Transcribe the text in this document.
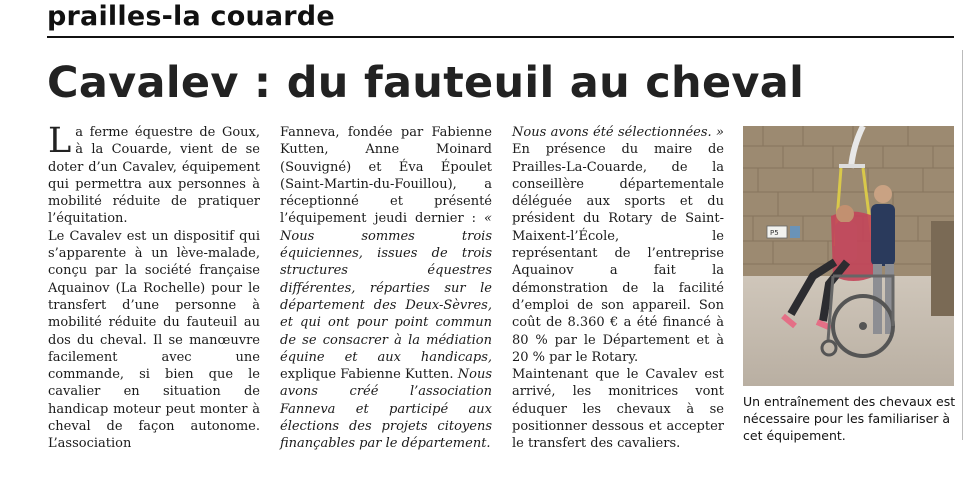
prailles-la couarde
Cavalev : du fauteuil au cheval

La ferme équestre de Goux, à la Couarde, vient de se doter d’un Cavalev, équipement qui permettra aux personnes à mobilité réduite de pratiquer l’équitation.

Le Cavalev est un dispositif qui s’apparente à un lève-malade, conçu par la société française Aquainov (La Rochelle) pour le transfert d’une personne à mobilité réduite du fauteuil au dos du cheval. Il se manœuvre facilement avec une commande, si bien que le cavalier en situation de handicap moteur peut monter à cheval de façon autonome. L’association

Fanneva, fondée par Fabienne Kutten, Anne Moinard (Souvigné) et Éva Époulet (Saint-Martin-du-Fouillou), a réceptionné et présenté l’équipement jeudi dernier : « Nous sommes trois équiciennes, issues de trois structures équestres différentes, réparties sur le département des Deux-Sèvres, et qui ont pour point commun de se consacrer à la médiation équine et aux handicaps, explique Fabienne Kutten. Nous avons créé l’association Fanneva et participé aux élections des projets citoyens finançables par le département.

Nous avons été sélectionnées. » En présence du maire de Prailles-La-Couarde, de la conseillère départementale déléguée aux sports et du président du Rotary de Saint-Maixent-l’École, le représentant de l’entreprise Aquainov a fait la démonstration de la facilité d’emploi de son appareil. Son coût de 8.360 € a été financé à 80 % par le Département et à 20 % par le Rotary.

Maintenant que le Cavalev est arrivé, les monitrices vont éduquer les chevaux à se positionner dessous et accepter le transfert des cavaliers.

P5
Un entraînement des chevaux est nécessaire pour les familiariser à cet équipement.
